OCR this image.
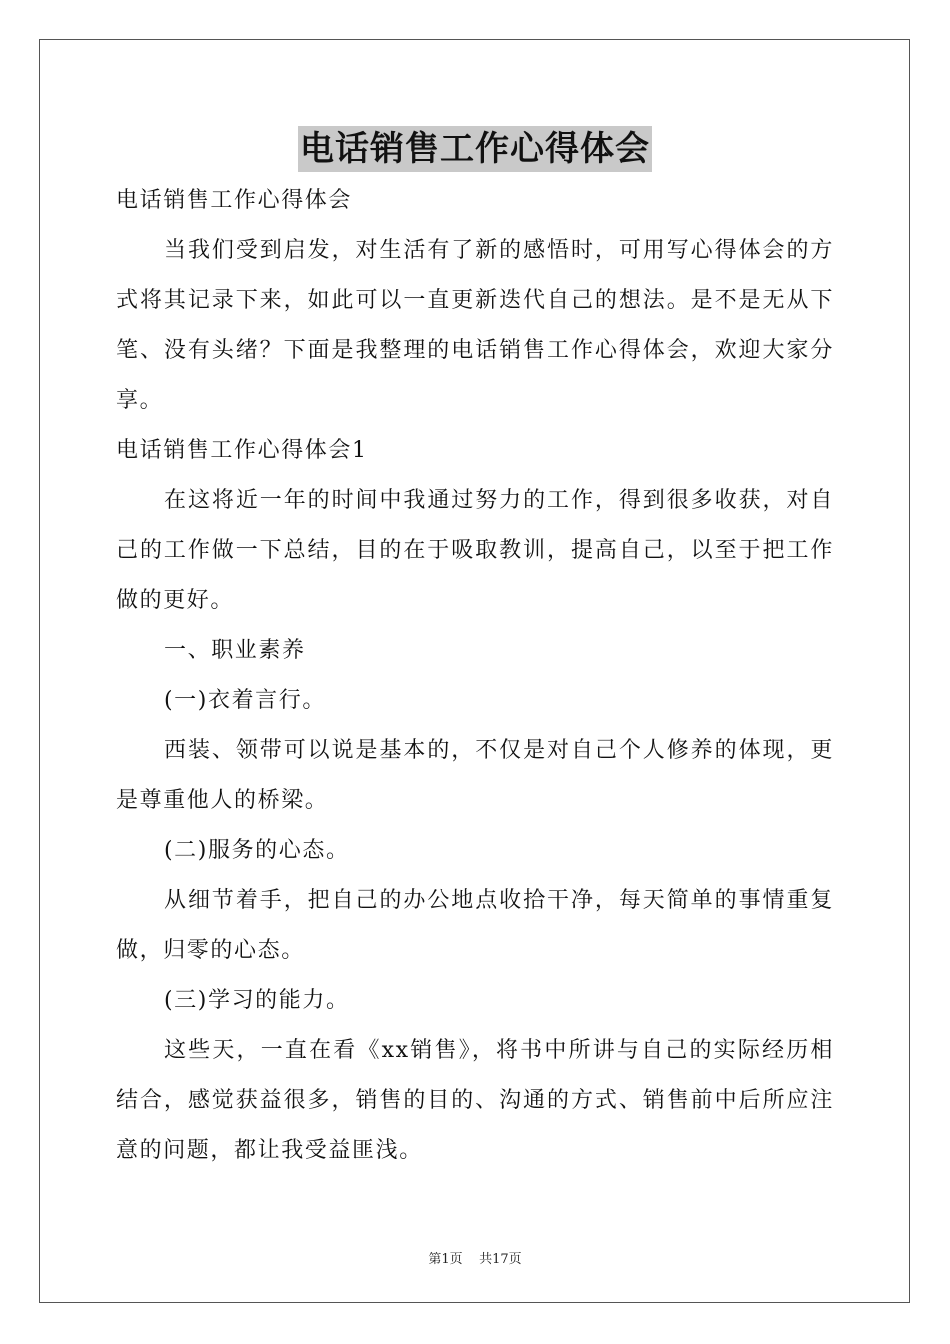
电话销售工作心得体会

电话销售工作心得体会

当我们受到启发，对生活有了新的感悟时，可用写心得体会的方式将其记录下来，如此可以一直更新迭代自己的想法。是不是无从下笔、没有头绪？下面是我整理的电话销售工作心得体会，欢迎大家分享。

电话销售工作心得体会1

在这将近一年的时间中我通过努力的工作，得到很多收获，对自己的工作做一下总结，目的在于吸取教训，提高自己，以至于把工作做的更好。

一、职业素养

(一)衣着言行。

西装、领带可以说是基本的，不仅是对自己个人修养的体现，更是尊重他人的桥梁。

(二)服务的心态。

从细节着手，把自己的办公地点收拾干净，每天简单的事情重复做，归零的心态。

(三)学习的能力。

这些天，一直在看《xx销售》，将书中所讲与自己的实际经历相结合，感觉获益很多，销售的目的、沟通的方式、销售前中后所应注意的问题，都让我受益匪浅。

第1页 共17页
